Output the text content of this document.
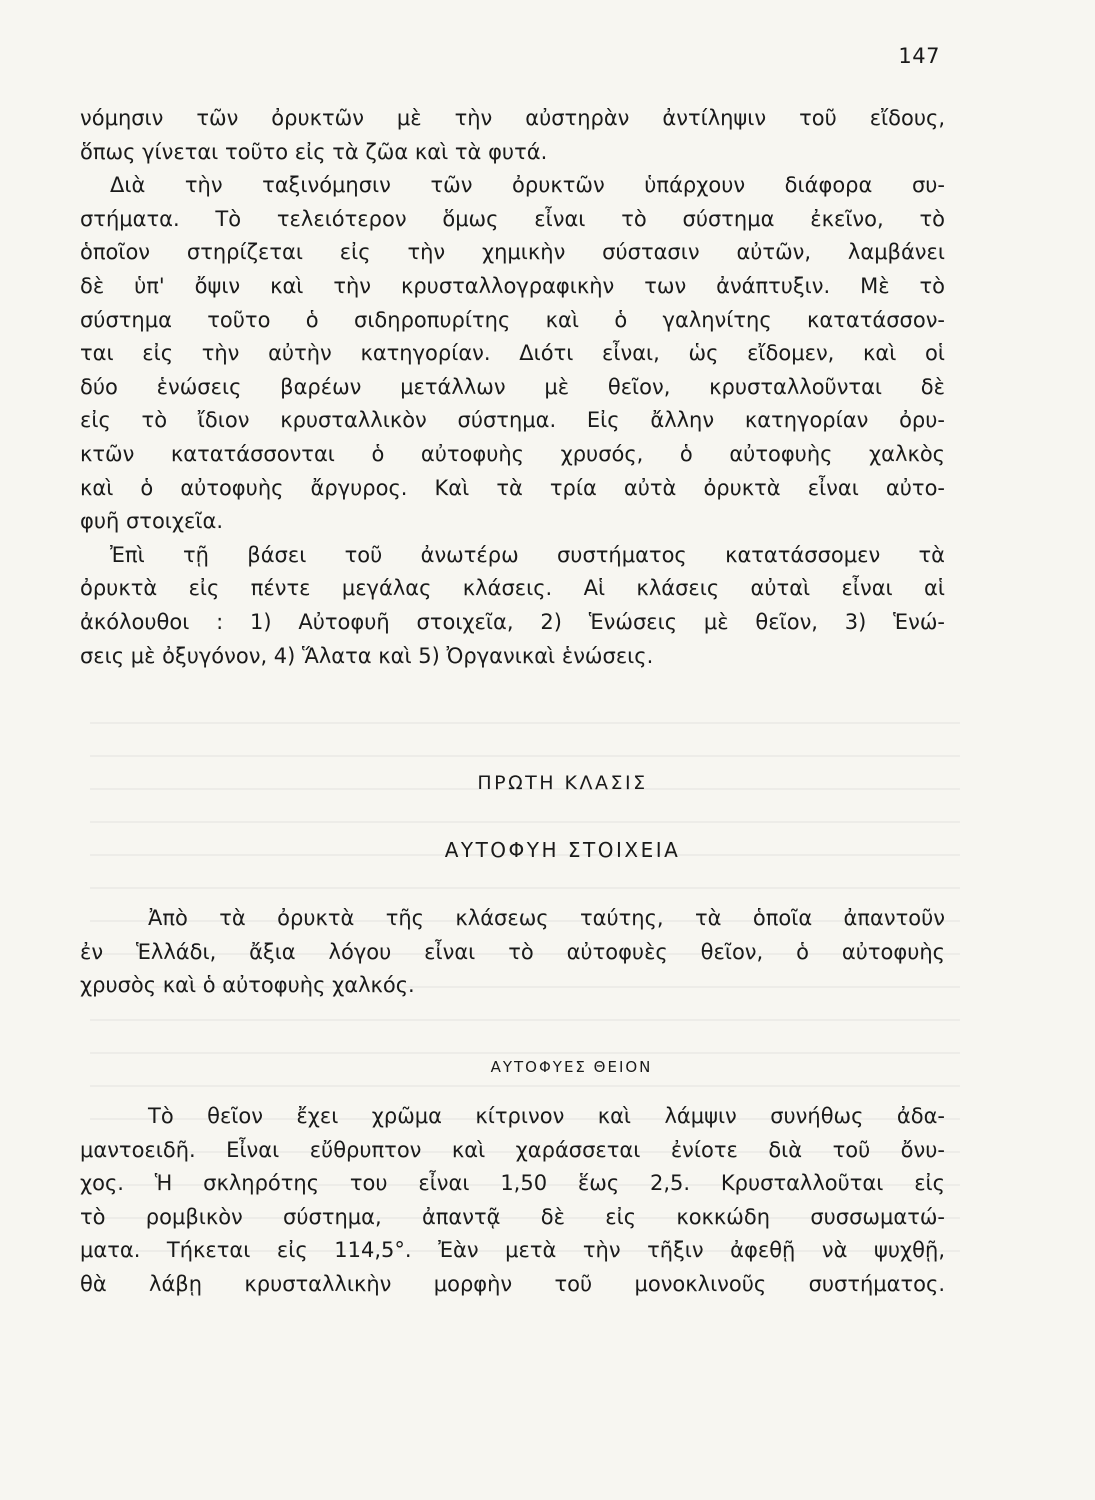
147
νόμησιν τῶν ὀρυκτῶν μὲ τὴν αὐστηρὰν ἀντίληψιν τοῦ εἴδους,
ὅπως γίνεται τοῦτο εἰς τὰ ζῶα καὶ τὰ φυτά.
Διὰ τὴν ταξινόμησιν τῶν ὀρυκτῶν ὑπάρχουν διάφορα συ-
στήματα. Τὸ τελειότερον ὅμως εἶναι τὸ σύστημα ἐκεῖνο, τὸ
ὁποῖον στηρίζεται εἰς τὴν χημικὴν σύστασιν αὐτῶν, λαμβάνει
δὲ ὑπ' ὄψιν καὶ τὴν κρυσταλλογραφικὴν των ἀνάπτυξιν. Μὲ τὸ
σύστημα τοῦτο ὁ σιδηροπυρίτης καὶ ὁ γαληνίτης κατατάσσον-
ται εἰς τὴν αὐτὴν κατηγορίαν. Διότι εἶναι, ὡς εἴδομεν, καὶ οἱ
δύο ἑνώσεις βαρέων μετάλλων μὲ θεῖον, κρυσταλλοῦνται δὲ
εἰς τὸ ἴδιον κρυσταλλικὸν σύστημα. Εἰς ἄλλην κατηγορίαν ὀρυ-
κτῶν κατατάσσονται ὁ αὐτοφυὴς χρυσός, ὁ αὐτοφυὴς χαλκὸς
καὶ ὁ αὐτοφυὴς ἄργυρος. Καὶ τὰ τρία αὐτὰ ὀρυκτὰ εἶναι αὐτο-
φυῆ στοιχεῖα.
Ἐπὶ τῇ βάσει τοῦ ἀνωτέρω συστήματος κατατάσσομεν τὰ
ὀρυκτὰ εἰς πέντε μεγάλας κλάσεις. Αἱ κλάσεις αὐταὶ εἶναι αἱ
ἀκόλουθοι : 1) Αὐτοφυῆ στοιχεῖα, 2) Ἑνώσεις μὲ θεῖον, 3) Ἑνώ-
σεις μὲ ὀξυγόνον, 4) Ἅλατα καὶ 5) Ὀργανικαὶ ἑνώσεις.
ΠΡΩΤΗ ΚΛΑΣΙΣ
ΑΥΤΟΦΥΗ ΣΤΟΙΧΕΙΑ
Ἀπὸ τὰ ὀρυκτὰ τῆς κλάσεως ταύτης, τὰ ὁποῖα ἀπαντοῦν
ἐν Ἑλλάδι, ἄξια λόγου εἶναι τὸ αὐτοφυὲς θεῖον, ὁ αὐτοφυὴς
χρυσὸς καὶ ὁ αὐτοφυὴς χαλκός.
ΑΥΤΟΦΥΕΣ ΘΕΙΟΝ
Τὸ θεῖον ἔχει χρῶμα κίτρινον καὶ λάμψιν συνήθως ἀδα-
μαντοειδῆ. Εἶναι εὔθρυπτον καὶ χαράσσεται ἐνίοτε διὰ τοῦ ὄνυ-
χος. Ἡ σκληρότης του εἶναι 1,50 ἕως 2,5. Κρυσταλλοῦται εἰς
τὸ ρομβικὸν σύστημα, ἀπαντᾷ δὲ εἰς κοκκώδη συσσωματώ-
ματα. Τήκεται εἰς 114,5°. Ἐὰν μετὰ τὴν τῆξιν ἀφεθῇ νὰ ψυχθῇ,
θὰ λάβῃ κρυσταλλικὴν μορφὴν τοῦ μονοκλινοῦς συστήματος.
